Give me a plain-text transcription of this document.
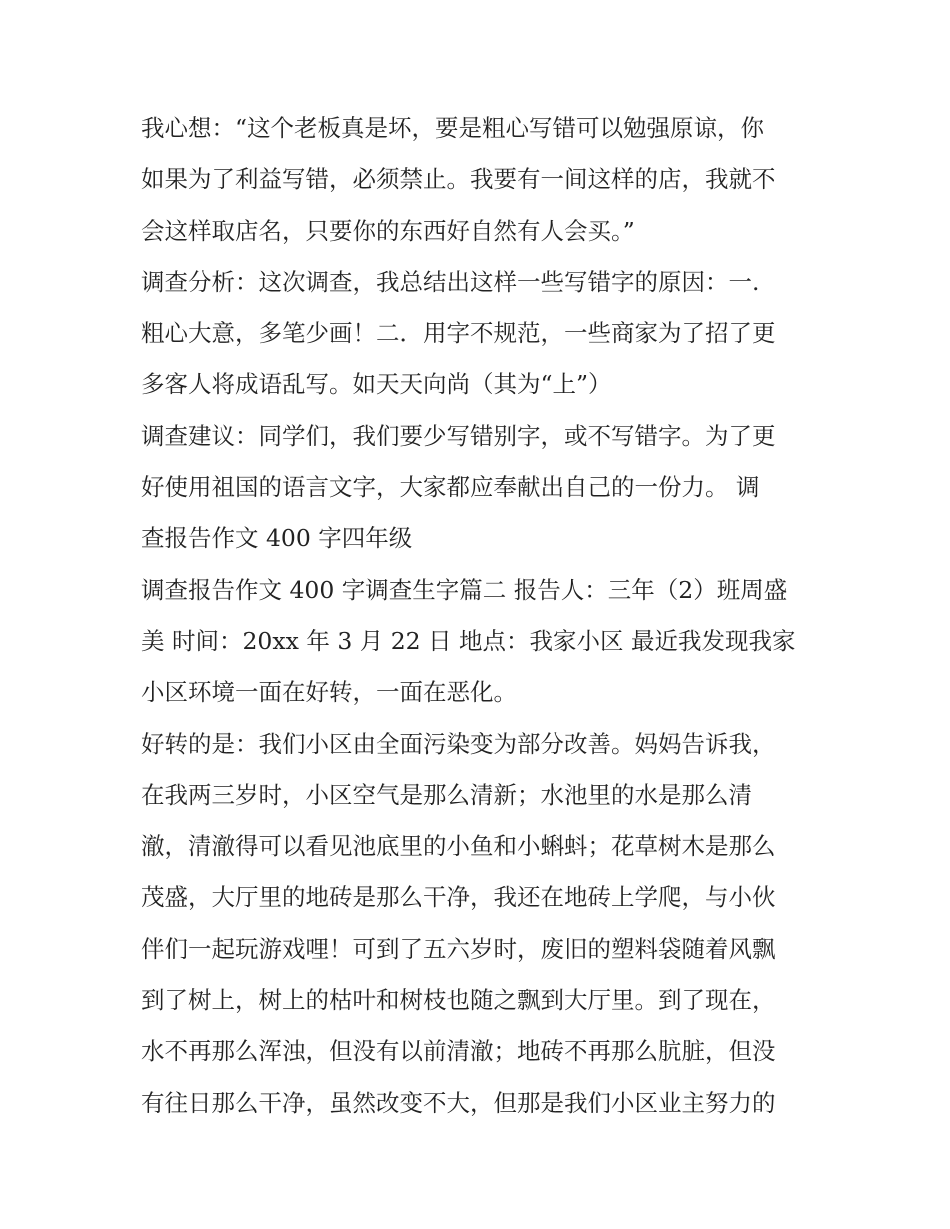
我心想：“这个老板真是坏，要是粗心写错可以勉强原谅，你
如果为了利益写错，必须禁止。我要有一间这样的店，我就不
会这样取店名，只要你的东西好自然有人会买。”
调查分析：这次调查，我总结出这样一些写错字的原因：一.
粗心大意，多笔少画！二．用字不规范，一些商家为了招了更
多客人将成语乱写。如天天向尚（其为“上”）
调查建议：同学们，我们要少写错别字，或不写错字。为了更
好使用祖国的语言文字，大家都应奉献出自己的一份力。 调
查报告作文 400 字四年级
调查报告作文 400 字调查生字篇二 报告人：三年（2）班周盛
美 时间：20xx 年 3 月 22 日 地点：我家小区 最近我发现我家
小区环境一面在好转，一面在恶化。
好转的是：我们小区由全面污染变为部分改善。妈妈告诉我，
在我两三岁时，小区空气是那么清新；水池里的水是那么清
澈，清澈得可以看见池底里的小鱼和小蝌蚪；花草树木是那么
茂盛，大厅里的地砖是那么干净，我还在地砖上学爬，与小伙
伴们一起玩游戏哩！可到了五六岁时，废旧的塑料袋随着风飘
到了树上，树上的枯叶和树枝也随之飘到大厅里。到了现在，
水不再那么浑浊，但没有以前清澈；地砖不再那么肮脏，但没
有往日那么干净，虽然改变不大，但那是我们小区业主努力的
